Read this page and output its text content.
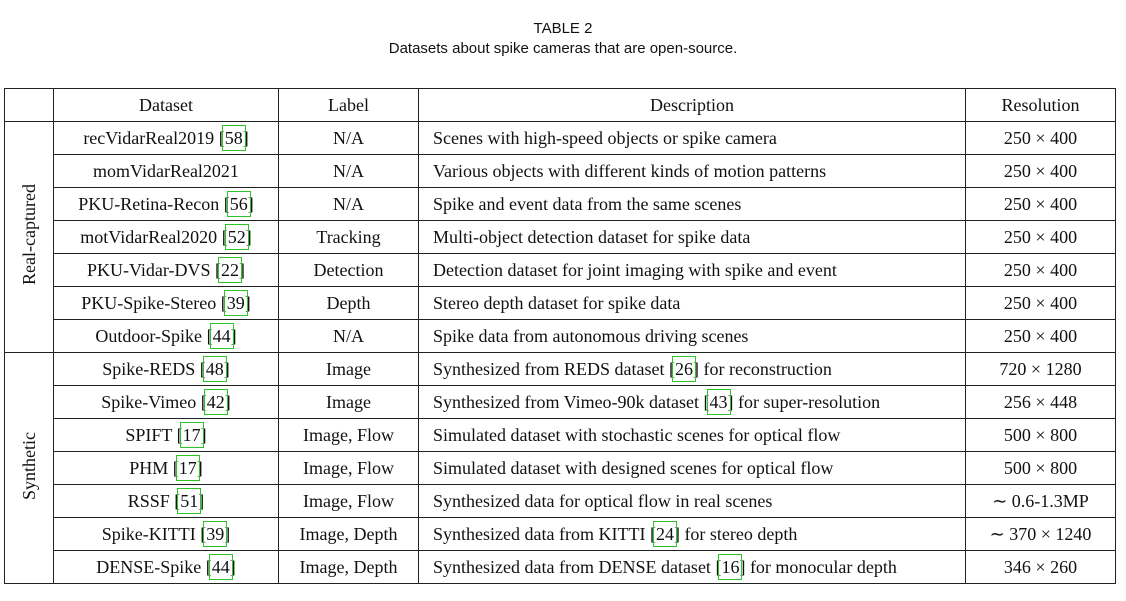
TABLE 2
Datasets about spike cameras that are open-source.
	Dataset	Label	Description	Resolution
Real-captured	recVidarReal2019 [58]	N/A	Scenes with high-speed objects or spike camera	250 × 400
	momVidarReal2021	N/A	Various objects with different kinds of motion patterns	250 × 400
	PKU-Retina-Recon [56]	N/A	Spike and event data from the same scenes	250 × 400
	motVidarReal2020 [52]	Tracking	Multi-object detection dataset for spike data	250 × 400
	PKU-Vidar-DVS [22]	Detection	Detection dataset for joint imaging with spike and event	250 × 400
	PKU-Spike-Stereo [39]	Depth	Stereo depth dataset for spike data	250 × 400
	Outdoor-Spike [44]	N/A	Spike data from autonomous driving scenes	250 × 400
Synthetic	Spike-REDS [48]	Image	Synthesized from REDS dataset [26] for reconstruction	720 × 1280
	Spike-Vimeo [42]	Image	Synthesized from Vimeo-90k dataset [43] for super-resolution	256 × 448
	SPIFT [17]	Image, Flow	Simulated dataset with stochastic scenes for optical flow	500 × 800
	PHM [17]	Image, Flow	Simulated dataset with designed scenes for optical flow	500 × 800
	RSSF [51]	Image, Flow	Synthesized data for optical flow in real scenes	∼ 0.6-1.3MP
	Spike-KITTI [39]	Image, Depth	Synthesized data from KITTI [24] for stereo depth	∼ 370 × 1240
	DENSE-Spike [44]	Image, Depth	Synthesized data from DENSE dataset [16] for monocular depth	346 × 260
